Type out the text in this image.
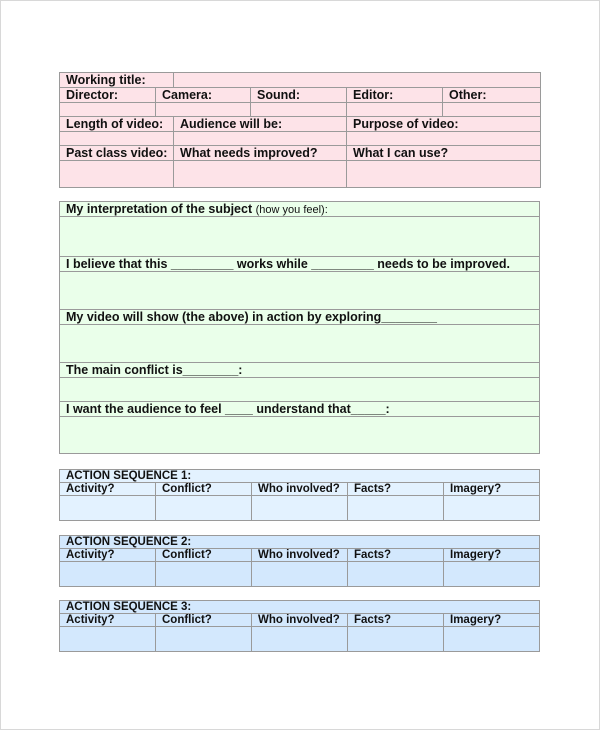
Working title:					
Director:	Camera:		Sound:	Editor:	Other:

Length of video:		Audience will be:		Purpose of video:	

Past class video:		What needs improved?		What I can use?	

My interpretation of the subject (how you feel):

I believe that this _________ works while _________ needs to be improved.

My video will show (the above) in action by exploring________

The main conflict is________:

I want the audience to feel ____ understand that_____:

ACTION SEQUENCE 1:				
Activity?	Conflict?	Who involved?	Facts?	Imagery?

ACTION SEQUENCE 2:				
Activity?	Conflict?	Who involved?	Facts?	Imagery?

ACTION SEQUENCE 3:				
Activity?	Conflict?	Who involved?	Facts?	Imagery?
